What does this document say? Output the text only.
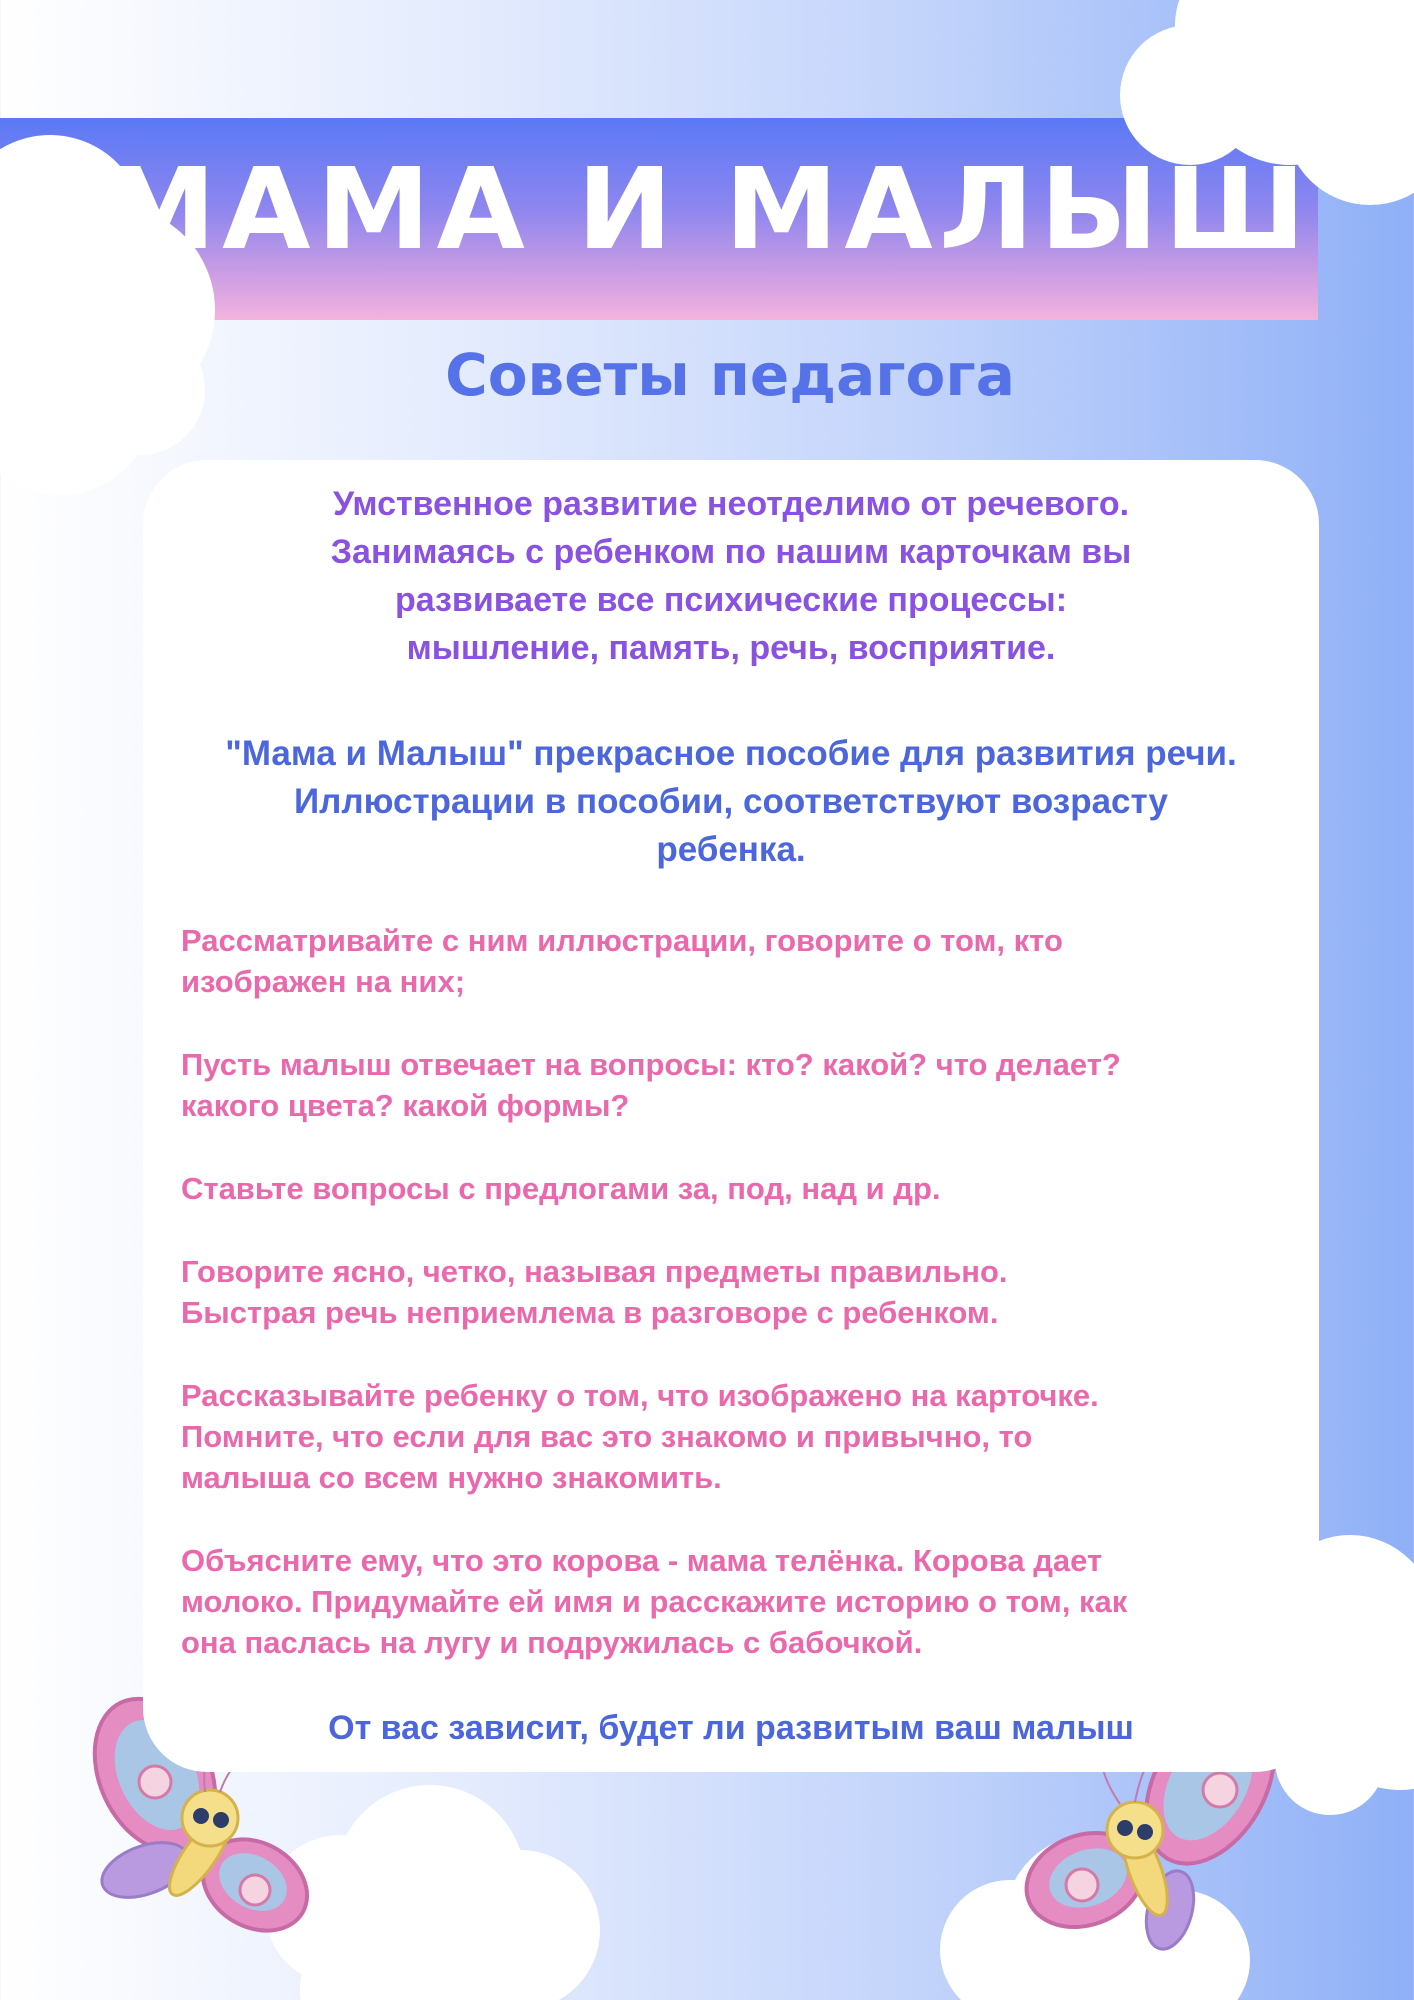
МАМА И МАЛЫШ
Советы педагога
Умственное развитие неотделимо от речевого.
Занимаясь с ребенком по нашим карточкам вы
развиваете все психические процессы:
мышление, память, речь, восприятие.
"Мама и Малыш" прекрасное пособие для развития речи.
Иллюстрации в пособии, соответствуют возрасту
ребенка.
Рассматривайте с ним иллюстрации, говорите о том, кто
изображен на них;
Пусть малыш отвечает на вопросы: кто? какой? что делает?
какого цвета? какой формы?
Ставьте вопросы с предлогами за, под, над и др.
Говорите ясно, четко, называя предметы правильно.
Быстрая речь неприемлема в разговоре с ребенком.
Рассказывайте ребенку о том, что изображено на карточке.
Помните, что если для вас это знакомо и привычно, то
малыша со всем нужно знакомить.
Объясните ему, что это корова - мама телёнка. Корова дает
молоко. Придумайте ей имя и расскажите историю о том, как
она паслась на лугу и подружилась с бабочкой.
От вас зависит, будет ли развитым ваш малыш
